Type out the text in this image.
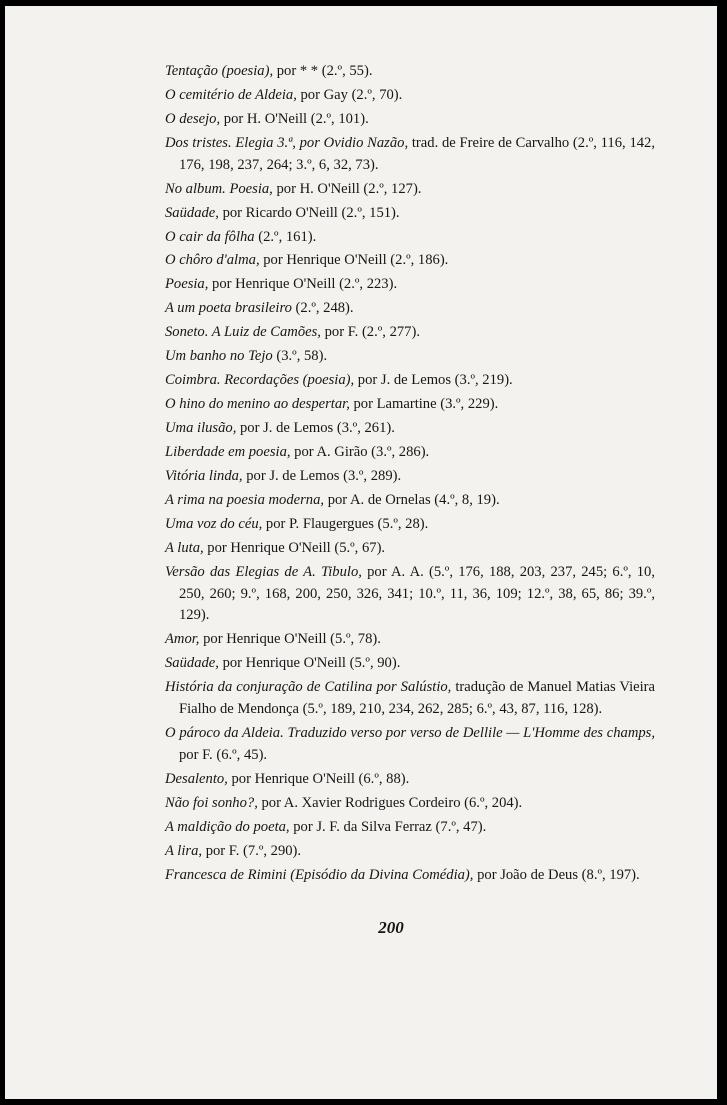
Tentação (poesia), por * * (2.º, 55).

O cemitério de Aldeia, por Gay (2.º, 70).

O desejo, por H. O'Neill (2.º, 101).

Dos tristes. Elegia 3.ª, por Ovidio Nazão, trad. de Freire de Carvalho (2.º, 116, 142, 176, 198, 237, 264; 3.º, 6, 32, 73).

No album. Poesia, por H. O'Neill (2.º, 127).

Saüdade, por Ricardo O'Neill (2.º, 151).

O cair da fôlha (2.º, 161).

O chôro d'alma, por Henrique O'Neill (2.º, 186).

Poesia, por Henrique O'Neill (2.º, 223).

A um poeta brasileiro (2.º, 248).

Soneto. A Luiz de Camões, por F. (2.º, 277).

Um banho no Tejo (3.º, 58).

Coimbra. Recordações (poesia), por J. de Lemos (3.º, 219).

O hino do menino ao despertar, por Lamartine (3.º, 229).

Uma ilusão, por J. de Lemos (3.º, 261).

Liberdade em poesia, por A. Girão (3.º, 286).

Vitória linda, por J. de Lemos (3.º, 289).

A rima na poesia moderna, por A. de Ornelas (4.º, 8, 19).

Uma voz do céu, por P. Flaugergues (5.º, 28).

A luta, por Henrique O'Neill (5.º, 67).

Versão das Elegias de A. Tibulo, por A. A. (5.º, 176, 188, 203, 237, 245; 6.º, 10, 250, 260; 9.º, 168, 200, 250, 326, 341; 10.º, 11, 36, 109; 12.º, 38, 65, 86; 39.º, 129).

Amor, por Henrique O'Neill (5.º, 78).

Saüdade, por Henrique O'Neill (5.º, 90).

História da conjuração de Catilina por Salústio, tradução de Manuel Matias Vieira Fialho de Mendonça (5.º, 189, 210, 234, 262, 285; 6.º, 43, 87, 116, 128).

O pároco da Aldeia. Traduzido verso por verso de Dellile — L'Homme des champs, por F. (6.º, 45).

Desalento, por Henrique O'Neill (6.º, 88).

Não foi sonho?, por A. Xavier Rodrigues Cordeiro (6.º, 204).

A maldição do poeta, por J. F. da Silva Ferraz (7.º, 47).

A lira, por F. (7.º, 290).

Francesca de Rimini (Episódio da Divina Comédia), por João de Deus (8.º, 197).

200
